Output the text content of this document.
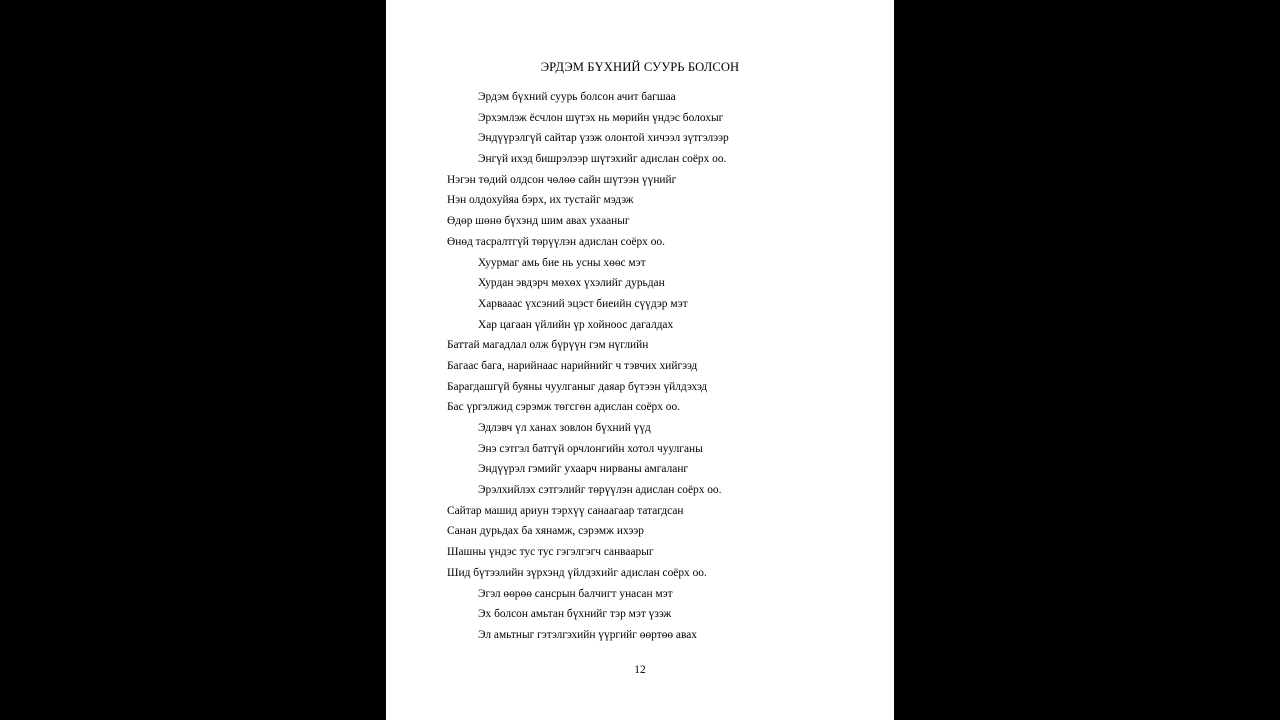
ЭРДЭМ БҮХНИЙ СУУРЬ БОЛСОН
Эрдэм бүхний суурь болсон ачит багшаа
Эрхэмлэж ёсчлон шүтэх нь мөрийн үндэс болохыг
Эндүүрэлгүй сайтар үзэж олонтой хичээл зүтгэлээр
Энгүй ихэд бишрэлээр шүтэхийг адислан соёрх оо.
Нэгэн төдий олдсон чөлөө сайн шүтээн үүнийг
Нэн олдохуйяа бэрх, их тустайг мэдэж
Өдөр шөнө бүхэнд шим авах ухааныг
Өнөд тасралтгүй төрүүлэн адислан соёрх оо.
Хуурмаг амь бие нь усны хөөс мэт
Хурдан эвдэрч мөхөх үхэлийг дурьдан
Харвааас үхсэний эцэст биеийн сүүдэр мэт
Хар цагаан үйлийн үр хойноос дагалдах
Баттай магадлал олж бүрүүн гэм нүглийн
Багаас бага, нарийнаас нарийнийг ч тэвчих хийгээд
Барагдашгүй буяны чуулганыг даяар бүтээн үйлдэхэд
Бас үргэлжид сэрэмж төгсгөн адислан соёрх оо.
Эдлэвч үл ханах зовлон бүхний үүд
Энэ сэтгэл батгүй орчлонгийн хотол чуулганы
Эндүүрэл гэмийг ухаарч нирваны амгаланг
Эрэлхийлэх сэтгэлийг төрүүлэн адислан соёрх оо.
Сайтар машид ариун тэрхүү санаагаар татагдсан
Санан дурьдах ба хянамж, сэрэмж ихээр
Шашны үндэс тус тус гэгэлгэгч санваарыг
Шид бүтээлийн зүрхэнд үйлдэхийг адислан соёрх оо.
Эгэл өөрөө сансрын балчигт унасан мэт
Эх болсон амьтан бүхнийг тэр мэт үзэж
Эл амьтныг гэтэлгэхийн үүргийг өөртөө авах
12
